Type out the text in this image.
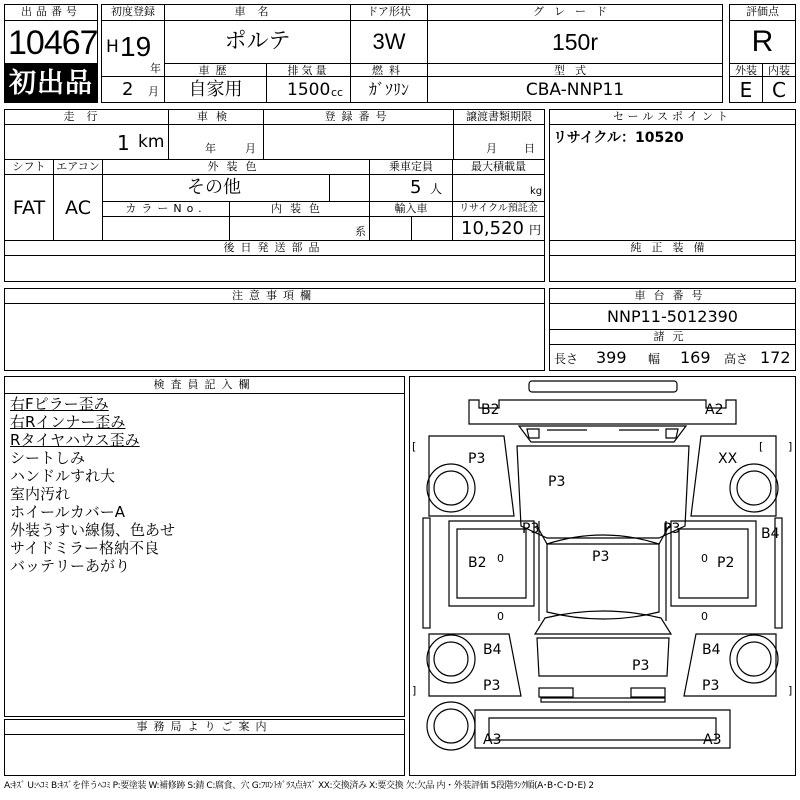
出品番号
10467
初出品
初度登録
H 19
年
2 月
車名
ポルテ
車歴
自家用
排気量
1500 cc
ドア形状
3W
燃料
ｶﾞｿﾘﾝ
グレード
150r
型式
CBA-NNP11
評価点
R
外装	内装
E C
走行
1 km
車検
年	月
登録番号	譲渡書類期限
月 日
シフト
FAT
エアコン
AC
外装色
その他
乗車定員
5 人
最大積載量
kg
カラーNo.	内装色
系
輸入車	リサイクル預託金
10,520 円
後日発送部品
注意事項欄
セールスポイント
リサイクル：10520
純正装備
車台番号
NNP11-5012390
諸元
長さ 399 幅 169 高さ 172
検査員記入欄
右Fピラー歪み
右Rインナー歪み
Rタイヤハウス歪み
シートしみ
ハンドルすれ大
室内汚れ
ホイールカバーA
外装うすい線傷、色あせ
サイドミラー格納不良
バッテリーあがり
事務局よりご案内
B2	A2
P3	XX
P3
P3	P3
P3
B2	P2
B4
B4	B4
P3
P3	P3
A3	A3
[	[ ]
]	]
0
0
0
0
A:ｷｽﾞ U:ﾍｺﾐ B:ｷｽﾞを伴うﾍｺﾐ P:要塗装 W:補修跡 S:錆 C:腐食、穴 G:ﾌﾛﾝﾄｶﾞﾗｽ点ｷｽﾞ XX:交換済み X:要交換 欠:欠品 内・外装評価 5段階ﾗﾝｸ順(A･B･C･D･E) 2
